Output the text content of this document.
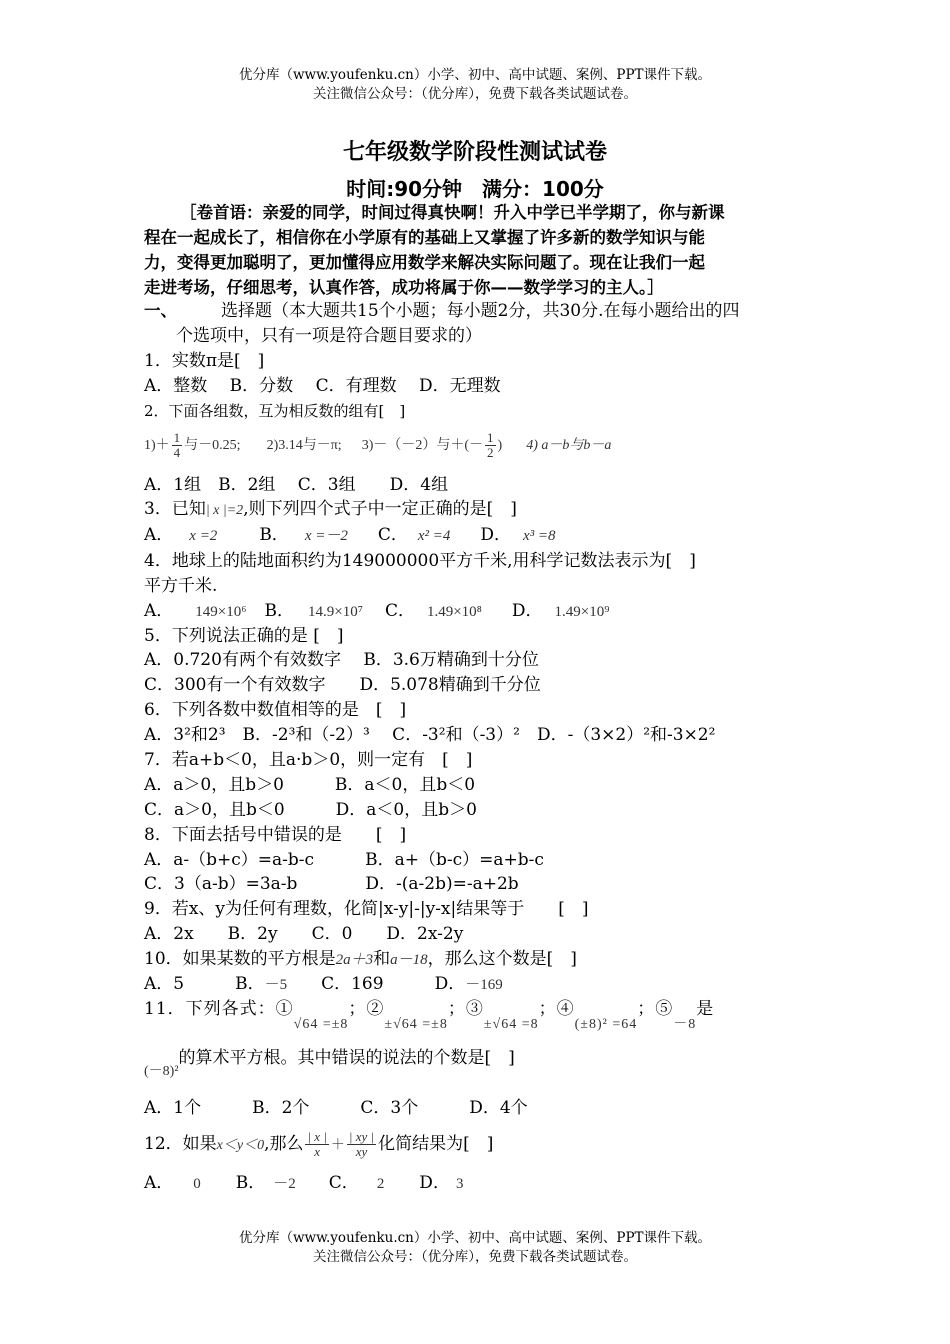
优分库（www.youfenku.cn）小学、初中、高中试题、案例、PPT课件下载。
关注微信公众号：（优分库），免费下载各类试题试卷。
七年级数学阶段性测试试卷
时间:90分钟　满分：100分
［卷首语：亲爱的同学，时间过得真快啊！升入中学已半学期了，你与新课
程在一起成长了，相信你在小学原有的基础上又掌握了许多新的数学知识与能
力，变得更加聪明了，更加懂得应用数学来解决实际问题了。现在让我们一起
走进考场，仔细思考，认真作答，成功将属于你——数学学习的主人。］
一、	选择题（本大题共15个小题；每小题2分，共30分.在每小题给出的四
个选项中，只有一项是符合题目要求的）
1．实数π是[　]
A．整数　 B．分数　 C．有理数　 D．无理数
2．下面各组数，互为相反数的组有[　]
$1)+ \frac{1}{4}$ 与－0.25; 2)3.14与－π; 3)－（－2）与＋(－ $\frac{1}{2}$ ) 4) a－b与b－a
A．1组　B．2组　 C．3组　　D．4组
3．已知| x |=2,则下列四个式子中一定正确的是[　]
A． x =2 B． x =－2 C． x² =4 D． x³ =8
4．地球上的陆地面积约为149000000平方千米,用科学记数法表示为[　]
平方千米.
A． 149×10⁶ B． 14.9×10⁷ C． 1.49×10⁸ D． 1.49×10⁹
5．下列说法正确的是 [　]
A．0.720有两个有效数字　 B．3.6万精确到十分位
C．300有一个有效数字　　D．5.078精确到千分位
6．下列各数中数值相等的是　[　]
A．3²和2³　B．-2³和（-2）³　 C．-3²和（-3）²　D．-（3×2）²和-3×2²
7．若a+b＜0，且a·b＞0，则一定有　[　]
A．a＞0，且b＞0　　　B．a＜0，且b＜0
C．a＞0，且b＜0　　　D．a＜0，且b＞0
8．下面去括号中错误的是　　[　]
A．a-（b+c）=a-b-c　　　B．a+（b-c）=a+b-c
C．3（a-b）=3a-b　　　　D．-(a-2b)=-a+2b
9．若x、y为任何有理数，化简|x-y|-|y-x|结果等于　　[　]
A．2x　　B．2y　　C．0　　D．2x-2y
10．如果某数的平方根是2a＋3和a－18，那么这个数是[　]
A．5　　　B．－5　　C．169　　　D．－169
11．下列各式：$①_{√64 =\pm 8}$；$②_{\pm√64 =\pm 8}$；$③_{\pm√64 =8}$；$④_{(\pm 8)^2 =64}$；$⑤_{-8}$是
$_{(-8)^2}$的算术平方根。其中错误的说法的个数是[　]
A．1个　　　B．2个　　　C．3个　　　D．4个
12．如果x＜y＜0,那么 $\frac{| x |}{x} + \frac{| xy |}{xy}$ 化简结果为[　]
A． 0　B． －2　C． 2　D． 3
优分库（www.youfenku.cn）小学、初中、高中试题、案例、PPT课件下载。
关注微信公众号：（优分库），免费下载各类试题试卷。
